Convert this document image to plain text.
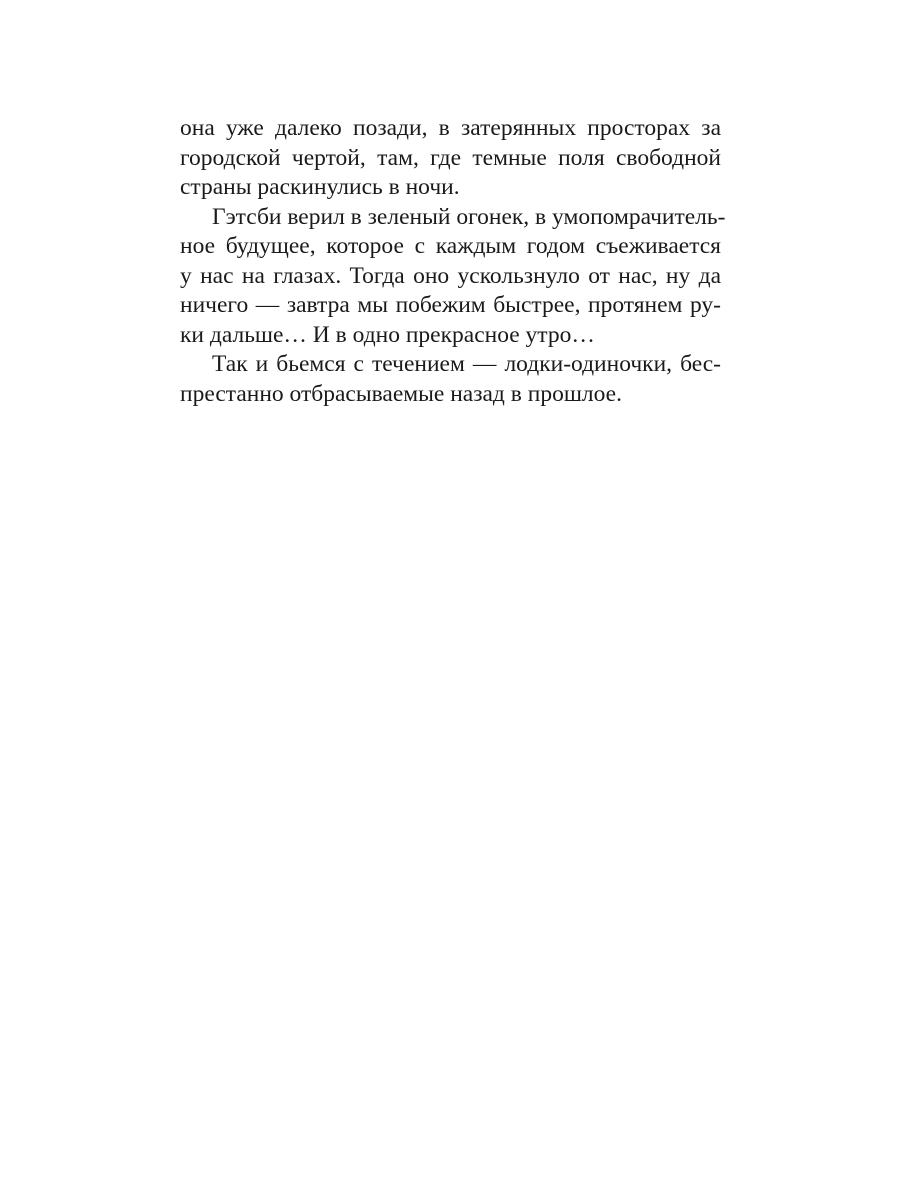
она уже далеко позади, в затерянных просторах за
городской чертой, там, где темные поля свободной
страны раскинулись в ночи.
Гэтсби верил в зеленый огонек, в умопомрачитель-
ное будущее, которое с каждым годом съеживается
у нас на глазах. Тогда оно ускользнуло от нас, ну да
ничего — завтра мы побежим быстрее, протянем ру-
ки дальше… И в одно прекрасное утро…
Так и бьемся с течением — лодки-одиночки, бес-
престанно отбрасываемые назад в прошлое.
